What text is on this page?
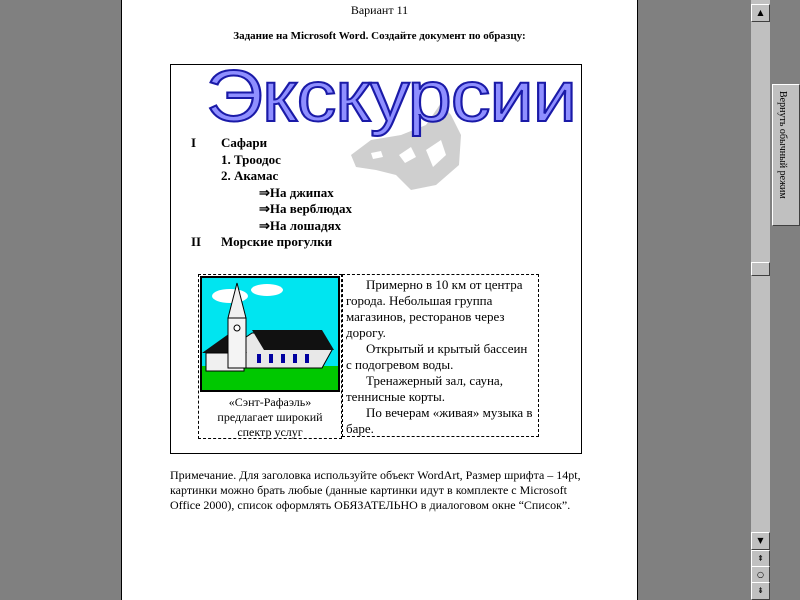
Вариант 11
Задание на Microsoft Word. Создайте документ по образцу:
Экскурсии
I Сафари
1. Троодос
2. Акамас
⇒На джипах
⇒На верблюдах
⇒На лошадях
II Морские прогулки
«Сэнт-Рафаэль»
предлагает широкий
спектр услуг

Примерно в 10 км от центра города. Небольшая группа магазинов, ресторанов через дорогу.

Открытый и крытый бассеин с подогревом воды.

Тренажерный зал, сауна, теннисные корты.

По вечерам «живая» музыка в баре.

Примечание. Для заголовка используйте объект WordArt, Размер шрифта – 14pt, картинки можно брать любые (данные картинки идут в комплекте с Microsoft Office 2000), список оформлять ОБЯЗАТЕЛЬНО в диалоговом окне “Список”.
▲
▼
⇞
○
⇟
Вернуть обычный режим
